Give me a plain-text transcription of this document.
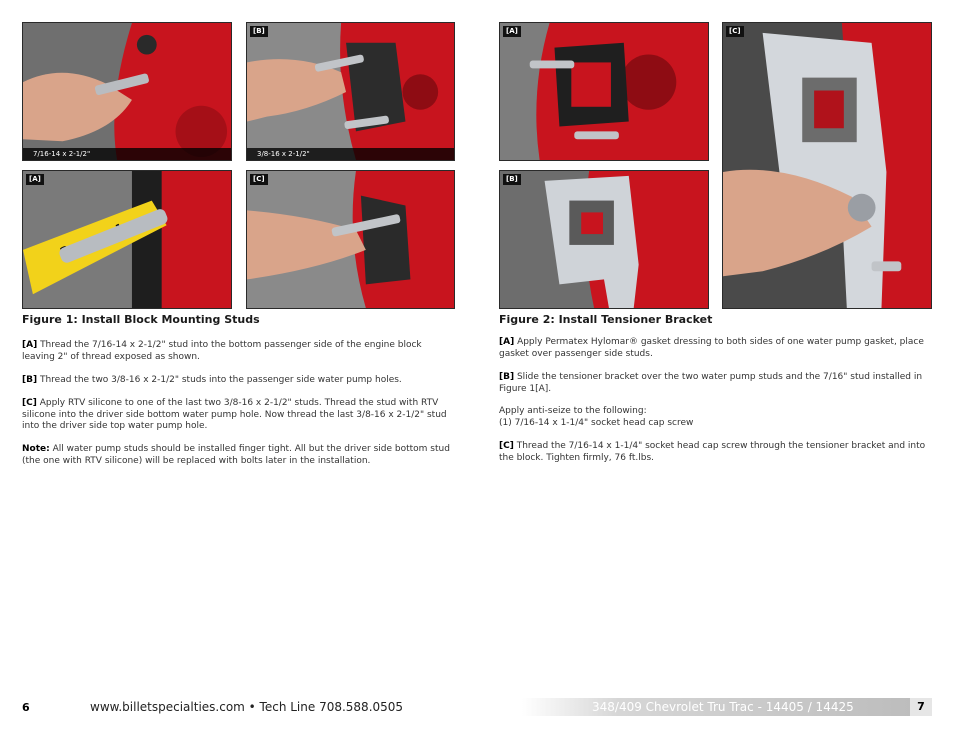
7/16-14 x 2-1/2"
[B]
3/8-16 x 2-1/2"
[A]	[C]
Figure 1: Install Block Mounting Studs
[A] Thread the 7/16-14 x 2-1/2" stud into the bottom passenger side of the engine block leaving 2" of thread exposed as shown.
[B] Thread the two 3/8-16 x 2-1/2" studs into the passenger side water pump holes.
[C] Apply RTV silicone to one of the last two 3/8-16 x 2-1/2" studs. Thread the stud with RTV silicone into the driver side bottom water pump hole. Now thread the last 3/8-16 x 2-1/2" stud into the driver side top water pump hole.
Note: All water pump studs should be installed finger tight. All but the driver side bottom stud (the one with RTV silicone) will be replaced with bolts later in the installation.
[A]
[B]
[C]
Figure 2: Install Tensioner Bracket
[A] Apply Permatex Hylomar® gasket dressing to both sides of one water pump gasket, place gasket over passenger side studs.
[B] Slide the tensioner bracket over the two water pump studs and the 7/16" stud installed in Figure 1[A].
Apply anti-seize to the following:
(1) 7/16-14 x 1-1/4" socket head cap screw
[C] Thread the 7/16-14 x 1-1/4" socket head cap screw through the tensioner bracket and into the block. Tighten firmly, 76 ft.lbs.
6	www.billetspecialties.com • Tech Line 708.588.0505	348/409 Chevrolet Tru Trac - 14405 / 14425	7
